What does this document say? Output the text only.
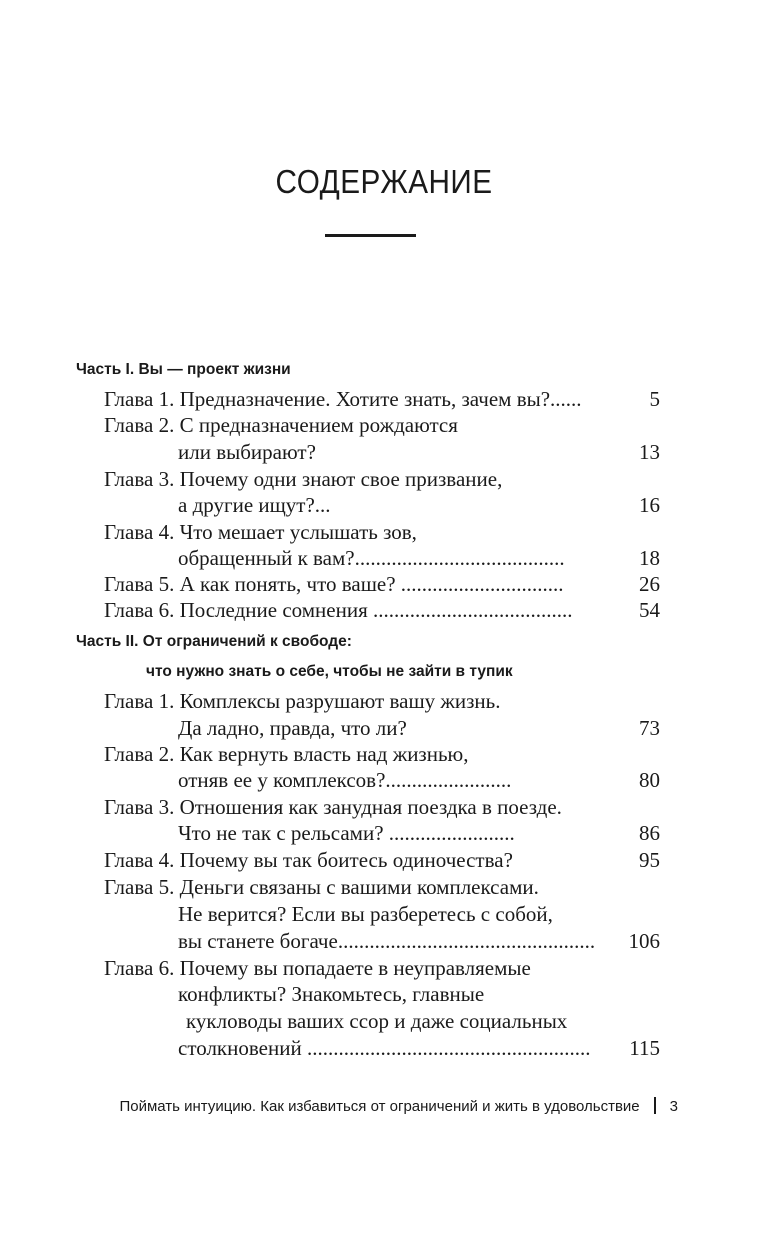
СОДЕРЖАНИЕ
Часть I. Вы — проект жизни
Глава 1. Предназначение. Хотите знать, зачем вы?......	5
Глава 2. С предназначением рождаются
или выбирают?	13
Глава 3. Почему одни знают свое призвание,
а другие ищут?...	16
Глава 4. Что мешает услышать зов,
обращенный к вам?........................................	18
Глава 5. А как понять, что ваше? ...............................	26
Глава 6. Последние сомнения ......................................	54
Часть II. От ограничений к свободе:
что нужно знать о себе, чтобы не зайти в тупик
Глава 1. Комплексы разрушают вашу жизнь.
Да ладно, правда, что ли?	73
Глава 2. Как вернуть власть над жизнью,
отняв ее у комплексов?........................	80
Глава 3. Отношения как занудная поездка в поезде.
Что не так с рельсами? ........................	86
Глава 4. Почему вы так боитесь одиночества?	95
Глава 5. Деньги связаны с вашими комплексами.
Не верится? Если вы разберетесь с собой,
вы станете богаче................................................. 106
Глава 6. Почему вы попадаете в неуправляемые
конфликты? Знакомьтесь, главные
кукловоды ваших ссор и даже социальных
столкновений ...................................................... 115
Поймать интуицию. Как избавиться от ограничений и жить в удовольствие 3
